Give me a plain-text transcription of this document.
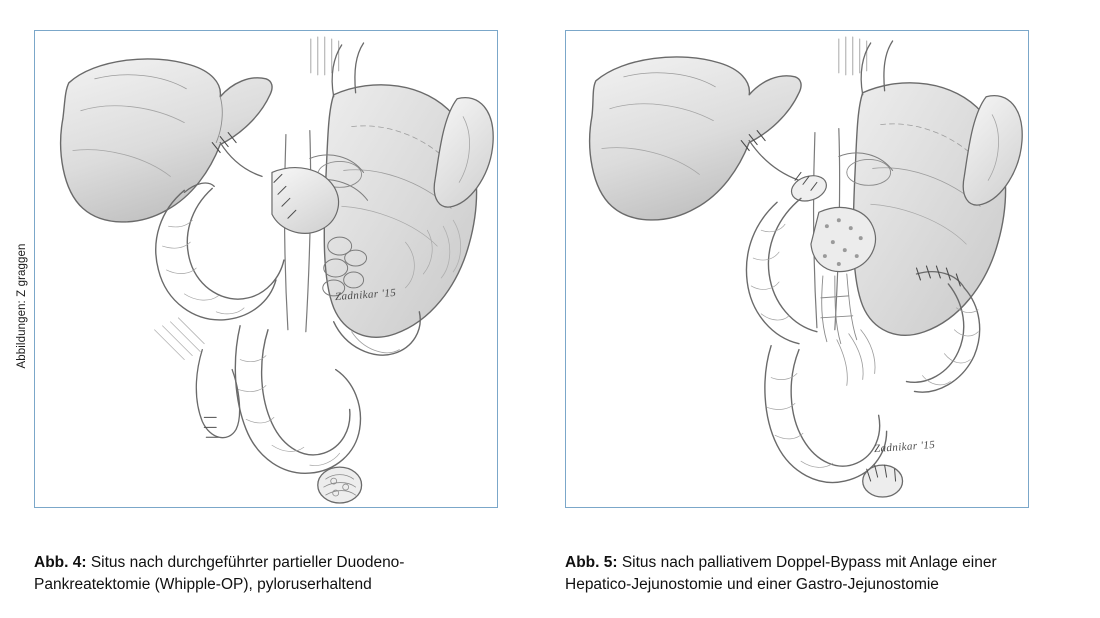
Abbildungen: Z graggen	Zadnikar '15
Abb. 4: Situs nach durchgeführter partieller Duodeno-Pankreatektomie (Whipple-OP), pyloruserhaltend
Zadnikar '15
Abb. 5: Situs nach palliativem Doppel-Bypass mit Anlage einer Hepatico-Jejunostomie und einer Gastro-Jejunostomie
